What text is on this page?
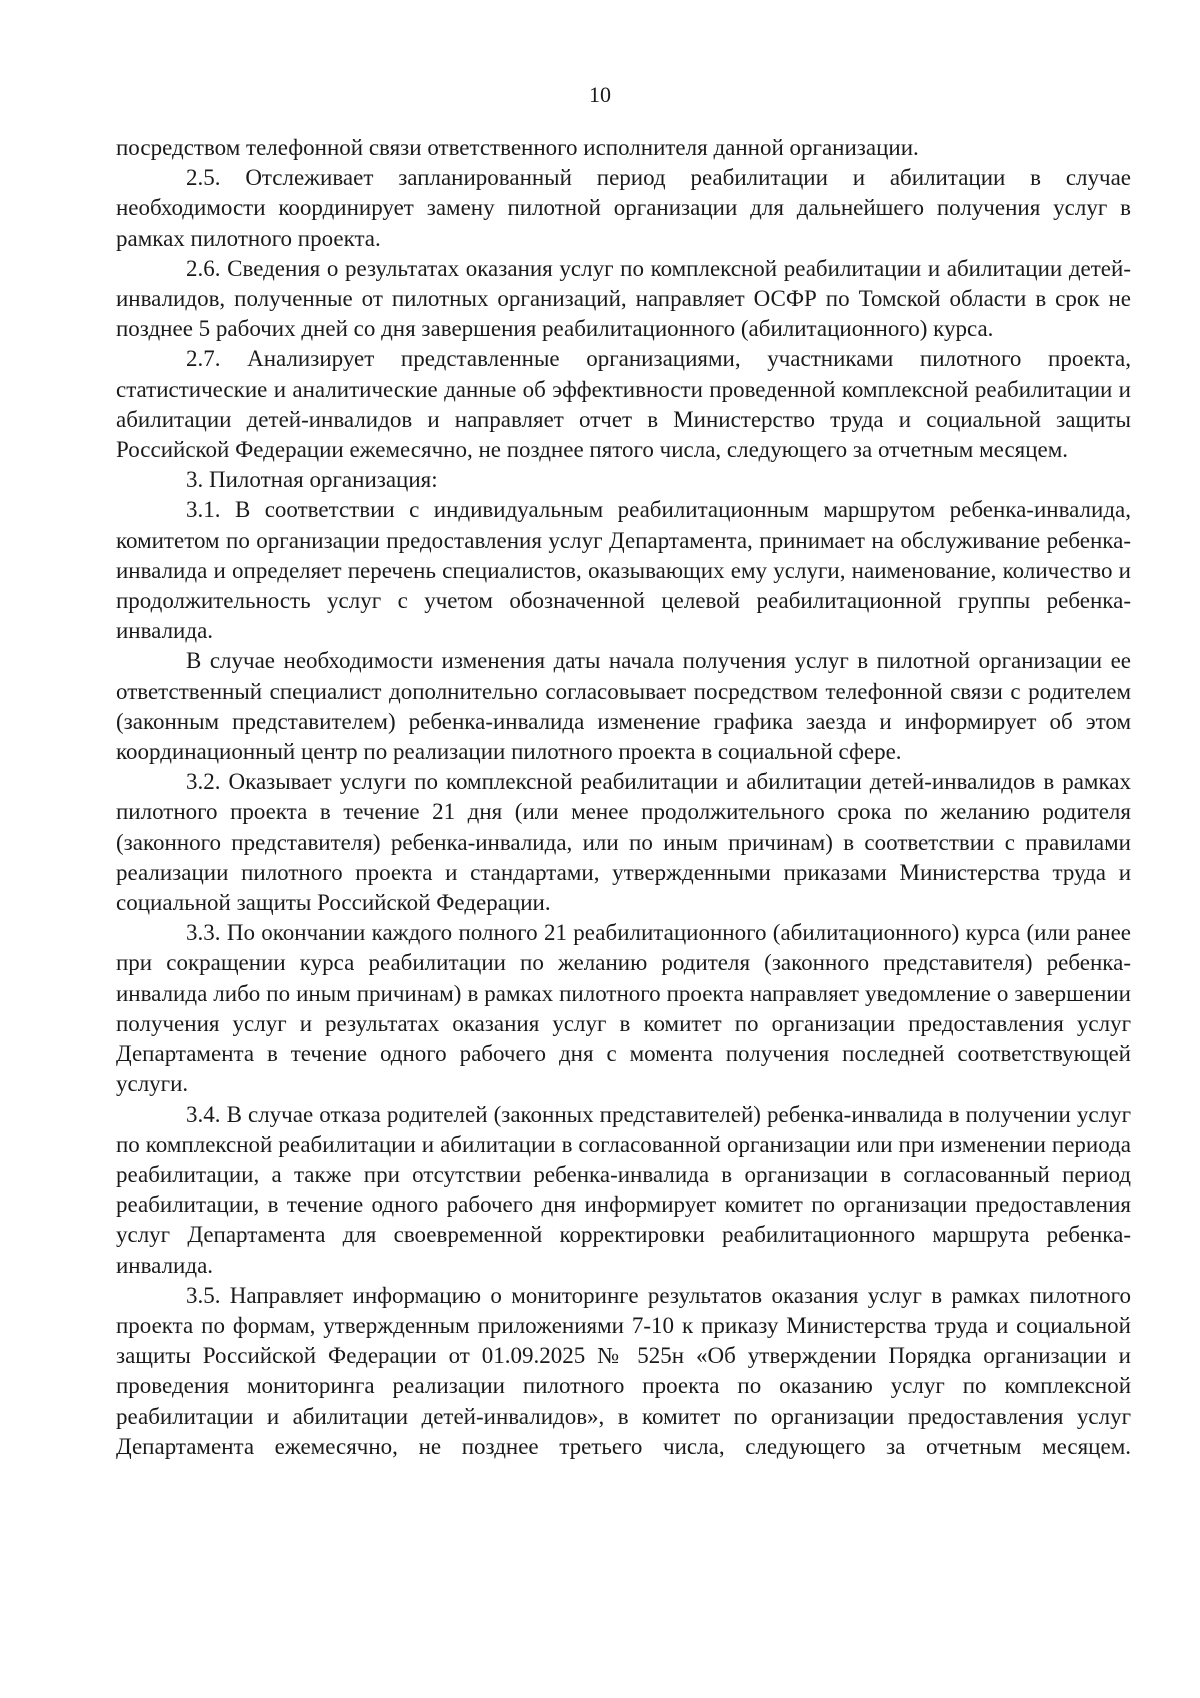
10

посредством телефонной связи ответственного исполнителя данной организации.

2.5. Отслеживает запланированный период реабилитации и абилитации в случае необходимости координирует замену пилотной организации для дальнейшего получения услуг в рамках пилотного проекта.

2.6. Сведения о результатах оказания услуг по комплексной реабилитации и абилитации детей-инвалидов, полученные от пилотных организаций, направляет ОСФР по Томской области в срок не позднее 5 рабочих дней со дня завершения реабилитационного (абилитационного) курса.

2.7. Анализирует представленные организациями, участниками пилотного проекта, статистические и аналитические данные об эффективности проведенной комплексной реабилитации и абилитации детей-инвалидов и направляет отчет в Министерство труда и социальной защиты Российской Федерации ежемесячно, не позднее пятого числа, следующего за отчетным месяцем.

3. Пилотная организация:

3.1. В соответствии с индивидуальным реабилитационным маршрутом ребенка-инвалида, комитетом по организации предоставления услуг Департамента, принимает на обслуживание ребенка-инвалида и определяет перечень специалистов, оказывающих ему услуги, наименование, количество и продолжительность услуг с учетом обозначенной целевой реабилитационной группы ребенка-инвалида.

В случае необходимости изменения даты начала получения услуг в пилотной организации ее ответственный специалист дополнительно согласовывает посредством телефонной связи с родителем (законным представителем) ребенка-инвалида изменение графика заезда и информирует об этом координационный центр по реализации пилотного проекта в социальной сфере.

3.2. Оказывает услуги по комплексной реабилитации и абилитации детей-инвалидов в рамках пилотного проекта в течение 21 дня (или менее продолжительного срока по желанию родителя (законного представителя) ребенка-инвалида, или по иным причинам) в соответствии с правилами реализации пилотного проекта и стандартами, утвержденными приказами Министерства труда и социальной защиты Российской Федерации.

3.3. По окончании каждого полного 21 реабилитационного (абилитационного) курса (или ранее при сокращении курса реабилитации по желанию родителя (законного представителя) ребенка-инвалида либо по иным причинам) в рамках пилотного проекта направляет уведомление о завершении получения услуг и результатах оказания услуг в комитет по организации предоставления услуг Департамента в течение одного рабочего дня с момента получения последней соответствующей услуги.

3.4. В случае отказа родителей (законных представителей) ребенка-инвалида в получении услуг по комплексной реабилитации и абилитации в согласованной организации или при изменении периода реабилитации, а также при отсутствии ребенка-инвалида в организации в согласованный период реабилитации, в течение одного рабочего дня информирует комитет по организации предоставления услуг Департамента для своевременной корректировки реабилитационного маршрута ребенка-инвалида.

3.5. Направляет информацию о мониторинге результатов оказания услуг в рамках пилотного проекта по формам, утвержденным приложениями 7-10 к приказу Министерства труда и социальной защиты Российской Федерации от 01.09.2025 № 525н «Об утверждении Порядка организации и проведения мониторинга реализации пилотного проекта по оказанию услуг по комплексной реабилитации и абилитации детей-инвалидов», в комитет по организации предоставления услуг Департамента ежемесячно, не позднее третьего числа, следующего за отчетным месяцем.
